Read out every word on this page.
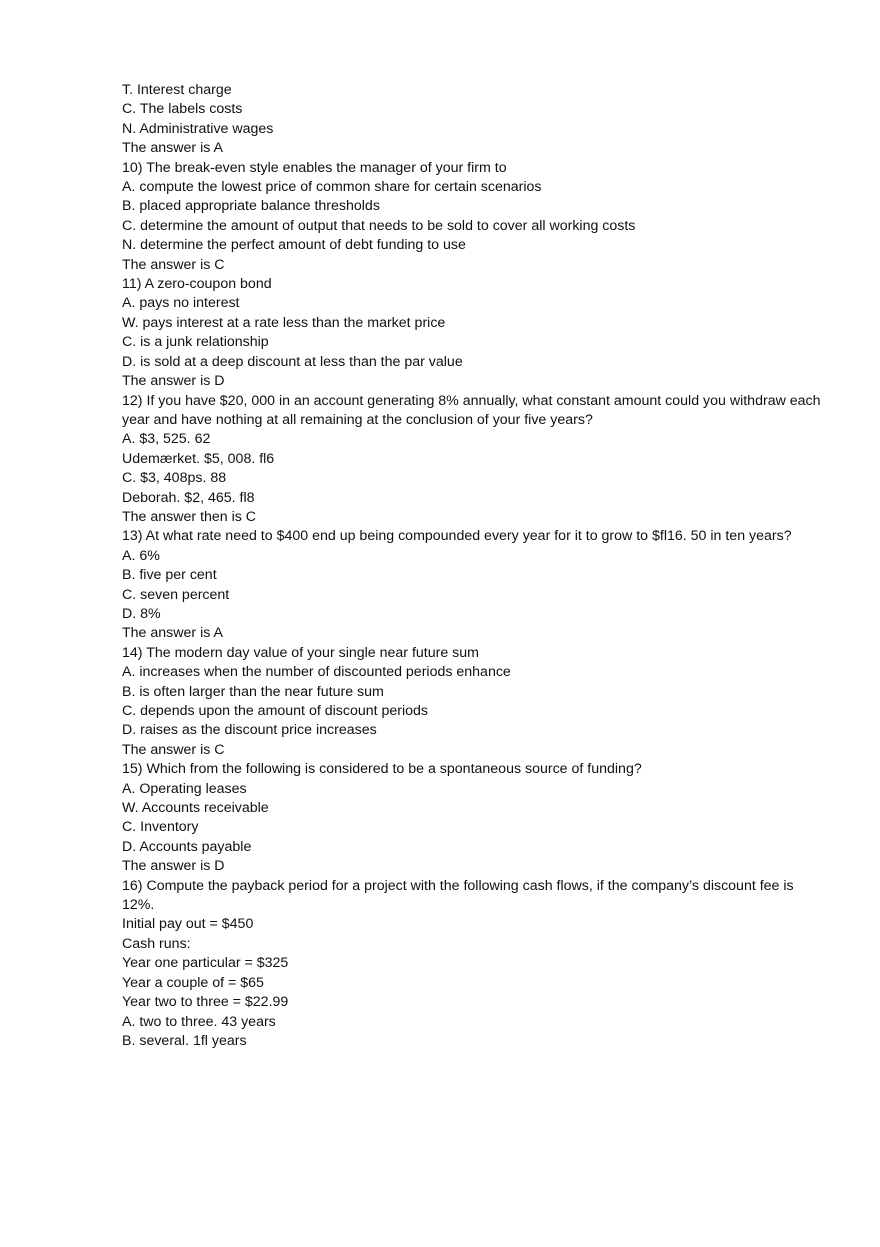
T. Interest charge

C. The labels costs

N. Administrative wages

The answer is A

10) The break-even style enables the manager of your firm to

A. compute the lowest price of common share for certain scenarios

B. placed appropriate balance thresholds

C. determine the amount of output that needs to be sold to cover all working costs

N. determine the perfect amount of debt funding to use

The answer is C

11) A zero-coupon bond

A. pays no interest

W. pays interest at a rate less than the market price

C. is a junk relationship

D. is sold at a deep discount at less than the par value

The answer is D

12) If you have $20, 000 in an account generating 8% annually, what constant amount could you withdraw each year and have nothing at all remaining at the conclusion of your five years?

A. $3, 525. 62

Udemærket. $5, 008. fl6

C. $3, 408ps. 88

Deborah. $2, 465. fl8

The answer then is C

13) At what rate need to $400 end up being compounded every year for it to grow to $fl16. 50 in ten years?

A. 6%

B. five per cent

C. seven percent

D. 8%

The answer is A

14) The modern day value of your single near future sum

A. increases when the number of discounted periods enhance

B. is often larger than the near future sum

C. depends upon the amount of discount periods

D. raises as the discount price increases

The answer is C

15) Which from the following is considered to be a spontaneous source of funding?

A. Operating leases

W. Accounts receivable

C. Inventory

D. Accounts payable

The answer is D

16) Compute the payback period for a project with the following cash flows, if the company’s discount fee is 12%.

Initial pay out = $450

Cash runs:

Year one particular = $325

Year a couple of = $65

Year two to three = $22.99

A. two to three. 43 years

B. several. 1fl years
